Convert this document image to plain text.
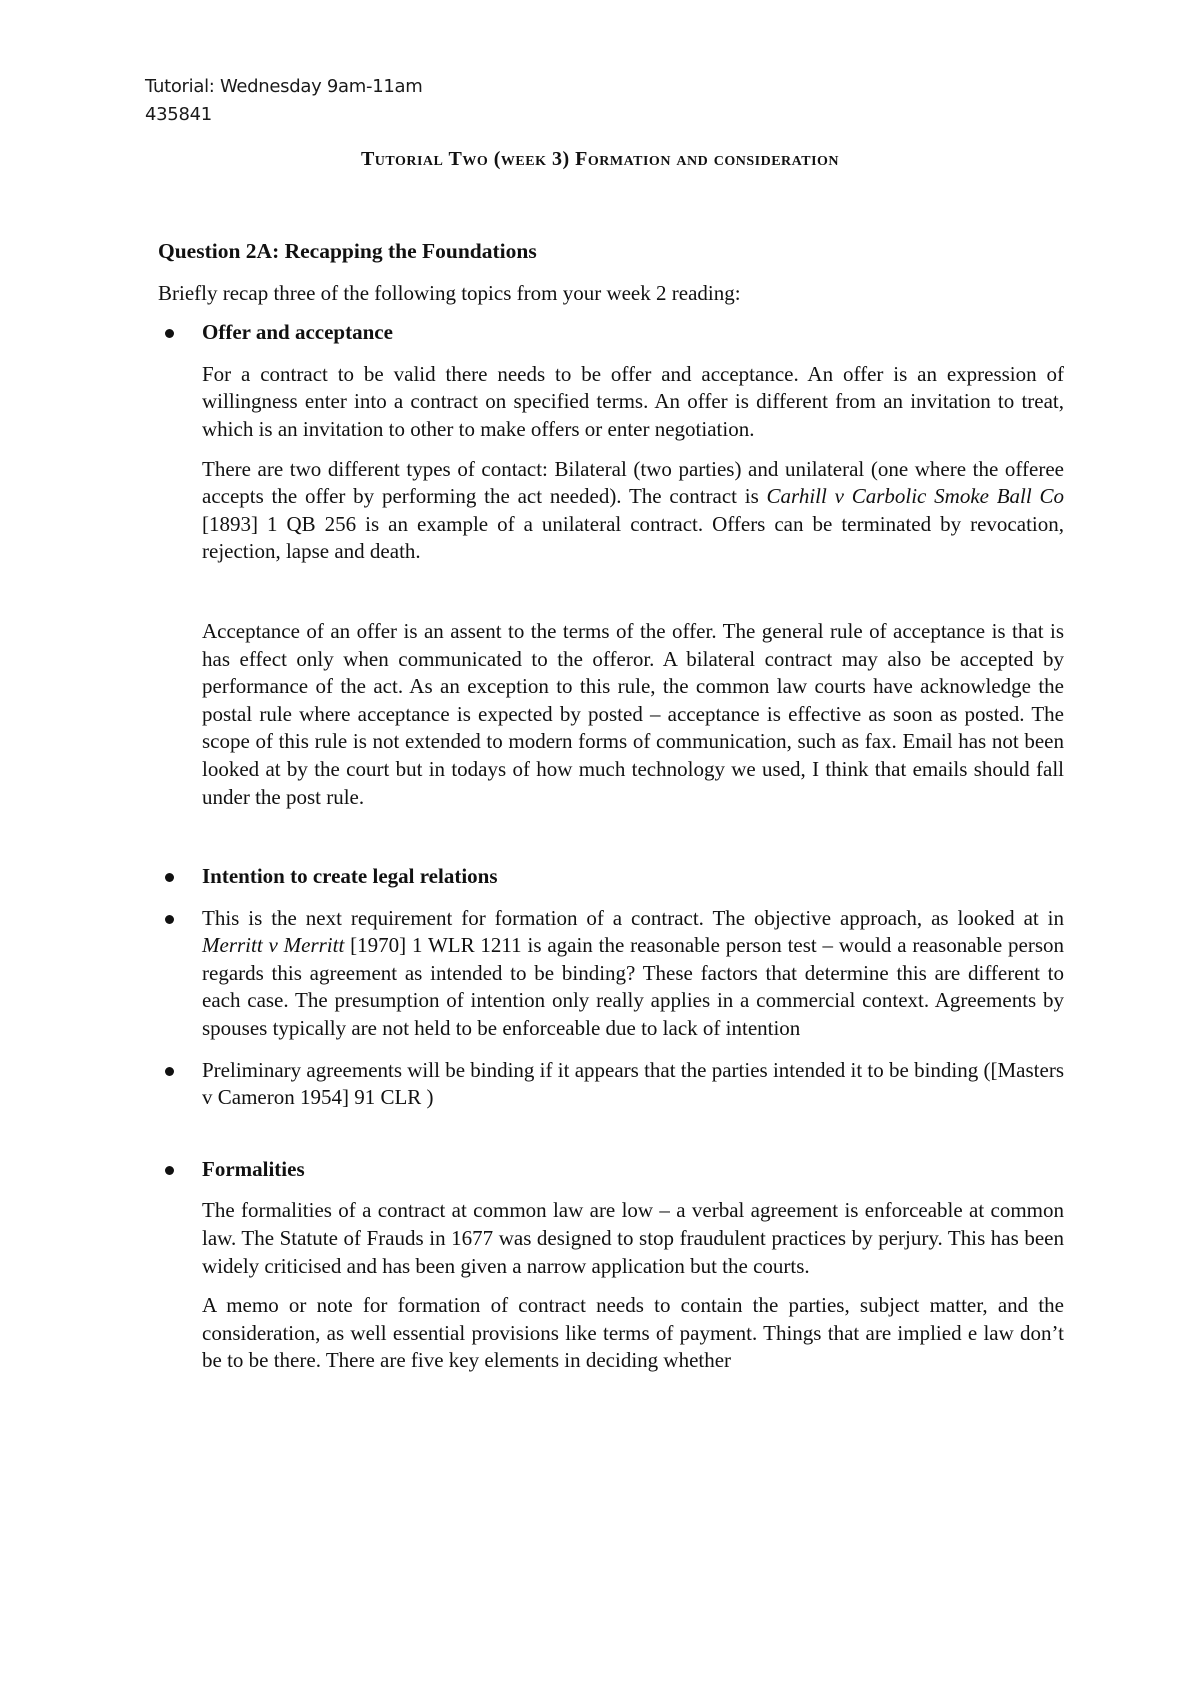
Tutorial: Wednesday 9am-11am
435841
Tutorial Two (week 3) Formation and consideration
Question 2A: Recapping the Foundations
Briefly recap three of the following topics from your week 2 reading:
Offer and acceptance
For a contract to be valid there needs to be offer and acceptance. An offer is an expression of willingness enter into a contract on specified terms. An offer is different from an invitation to treat, which is an invitation to other to make offers or enter negotiation.
There are two different types of contact: Bilateral (two parties) and unilateral (one where the offeree accepts the offer by performing the act needed). The contract is Carhill v Carbolic Smoke Ball Co [1893] 1 QB 256 is an example of a unilateral contract. Offers can be terminated by revocation, rejection, lapse and death.
Acceptance of an offer is an assent to the terms of the offer. The general rule of acceptance is that is has effect only when communicated to the offeror. A bilateral contract may also be accepted by performance of the act. As an exception to this rule, the common law courts have acknowledge the postal rule where acceptance is expected by posted – acceptance is effective as soon as posted. The scope of this rule is not extended to modern forms of communication, such as fax. Email has not been looked at by the court but in todays of how much technology we used, I think that emails should fall under the post rule.
Intention to create legal relations
This is the next requirement for formation of a contract. The objective approach, as looked at in Merritt v Merritt [1970] 1 WLR 1211 is again the reasonable person test – would a reasonable person regards this agreement as intended to be binding? These factors that determine this are different to each case. The presumption of intention only really applies in a commercial context. Agreements by spouses typically are not held to be enforceable due to lack of intention
Preliminary agreements will be binding if it appears that the parties intended it to be binding ([Masters v Cameron 1954] 91 CLR )
Formalities
The formalities of a contract at common law are low – a verbal agreement is enforceable at common law. The Statute of Frauds in 1677 was designed to stop fraudulent practices by perjury. This has been widely criticised and has been given a narrow application but the courts.
A memo or note for formation of contract needs to contain the parties, subject matter, and the consideration, as well essential provisions like terms of payment. Things that are implied e law don’t be to be there. There are five key elements in deciding whether
